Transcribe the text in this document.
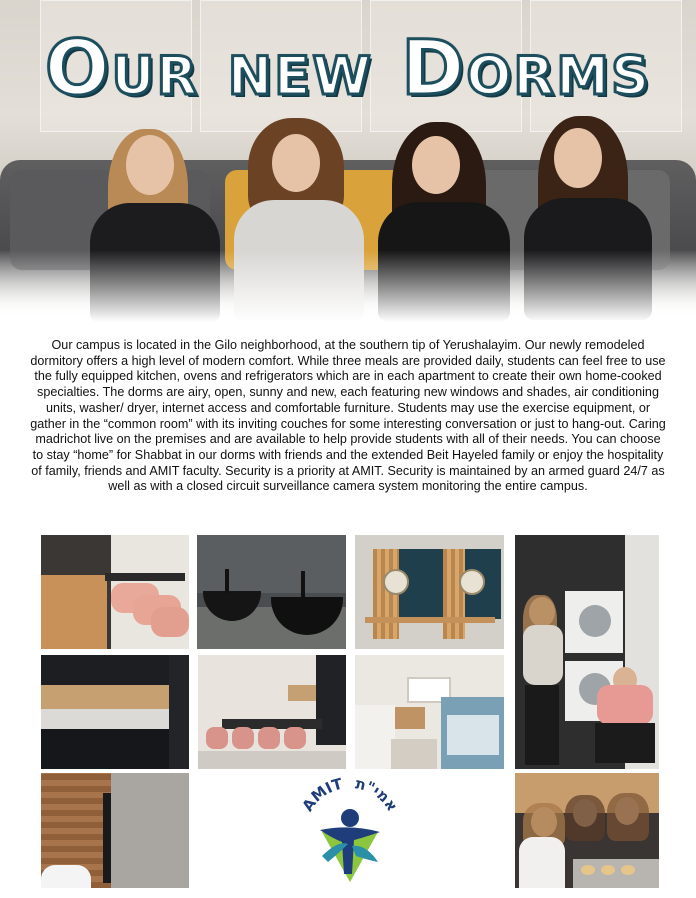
Our new Dorms

Our campus is located in the Gilo neighborhood, at the southern tip of Yerushalayim. Our newly remodeled dormitory offers a high level of modern comfort. While three meals are provided daily, students can feel free to use the fully equipped kitchen, ovens and refrigerators which are in each apartment to create their own home-cooked specialties. The dorms are airy, open, sunny and new, each featuring new windows and shades, air conditioning units, washer/ dryer, internet access and comfortable furniture. Students may use the exercise equipment, or gather in the “common room” with its inviting couches for some interesting conversation or just to hang-out. Caring madrichot live on the premises and are available to help provide students with all of their needs. You can choose to stay “home” for Shabbat in our dorms with friends and the extended Beit Hayeled family or enjoy the hospitality of family, friends and AMIT faculty. Security is a priority at AMIT. Security is maintained by an armed guard 24/7 as well as with a closed circuit surveillance camera system monitoring the entire campus.

AMIT אמי"ת
